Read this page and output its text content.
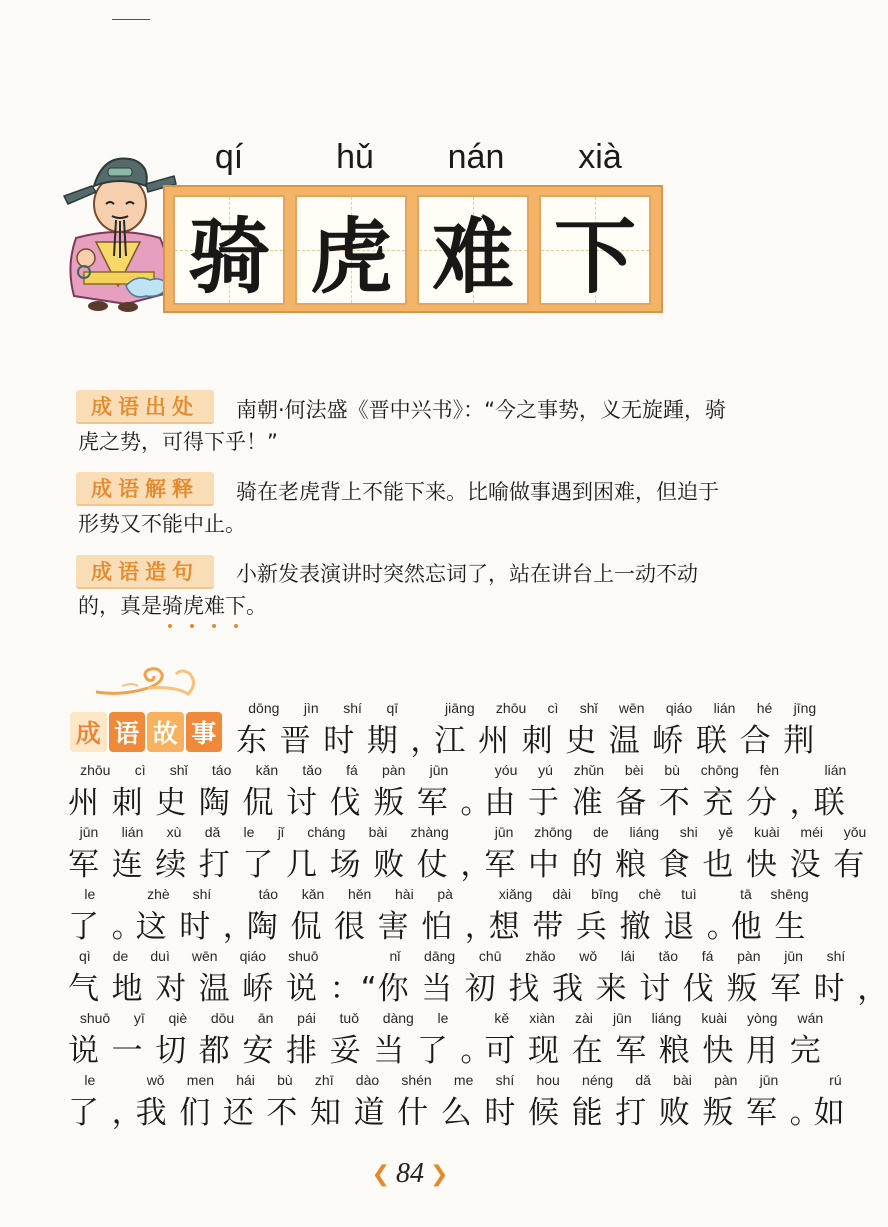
qí	hǔ	nán	xià
骑 虎 难 下
成语出处	南朝·何法盛《晋中兴书》：“今之事势，义无旋踵，骑虎之势，可得下乎！”
成语解释	骑在老虎背上不能下来。比喻做事遇到困难，但迫于形势又不能中止。
成语造句	小新发表演讲时突然忘词了，站在讲台上一动不动的，真是骑虎难下。
成 语 故 事
dōng jìn shí qī
东晋时期 ，
jiāng zhōu cì shǐ wēn qiáo lián hé jīng
江州刺史温峤联合荆
zhōu cì shǐ táo kǎn tǎo fá pàn jūn
州刺史陶侃讨伐叛军 。
yóu yú zhǔn bèi bù chōng fèn
由于准备不充分 ，
lián
联
jūn lián xù dǎ le jǐ cháng bài zhàng
军连续打了几场败仗 ，
jūn zhōng de liáng shi yě kuài méi yǒu
军中的粮食也快没有
le
了 。
zhè shí
这时 ，
táo kǎn hěn hài pà
陶侃很害怕 ，
xiǎng dài bīng chè tuì
想带兵撤退 。
tā shēng
他生
qì de duì wēn qiáo shuō
气地对温峤说 ：“
nǐ dāng chū zhǎo wǒ lái tǎo fá pàn jūn shí
你当初找我来讨伐叛军时 ，
shuō yī qiè dōu ān pái tuǒ dàng le
说一切都安排妥当了 。
kě xiàn zài jūn liáng kuài yòng wán
可现在军粮快用完
le
了 ，
wǒ men hái bù zhī dào shén me shí hou néng dǎ bài pàn jūn
我们还不知道什么时候能打败叛军 。
rú
如
❮ 84 ❯
